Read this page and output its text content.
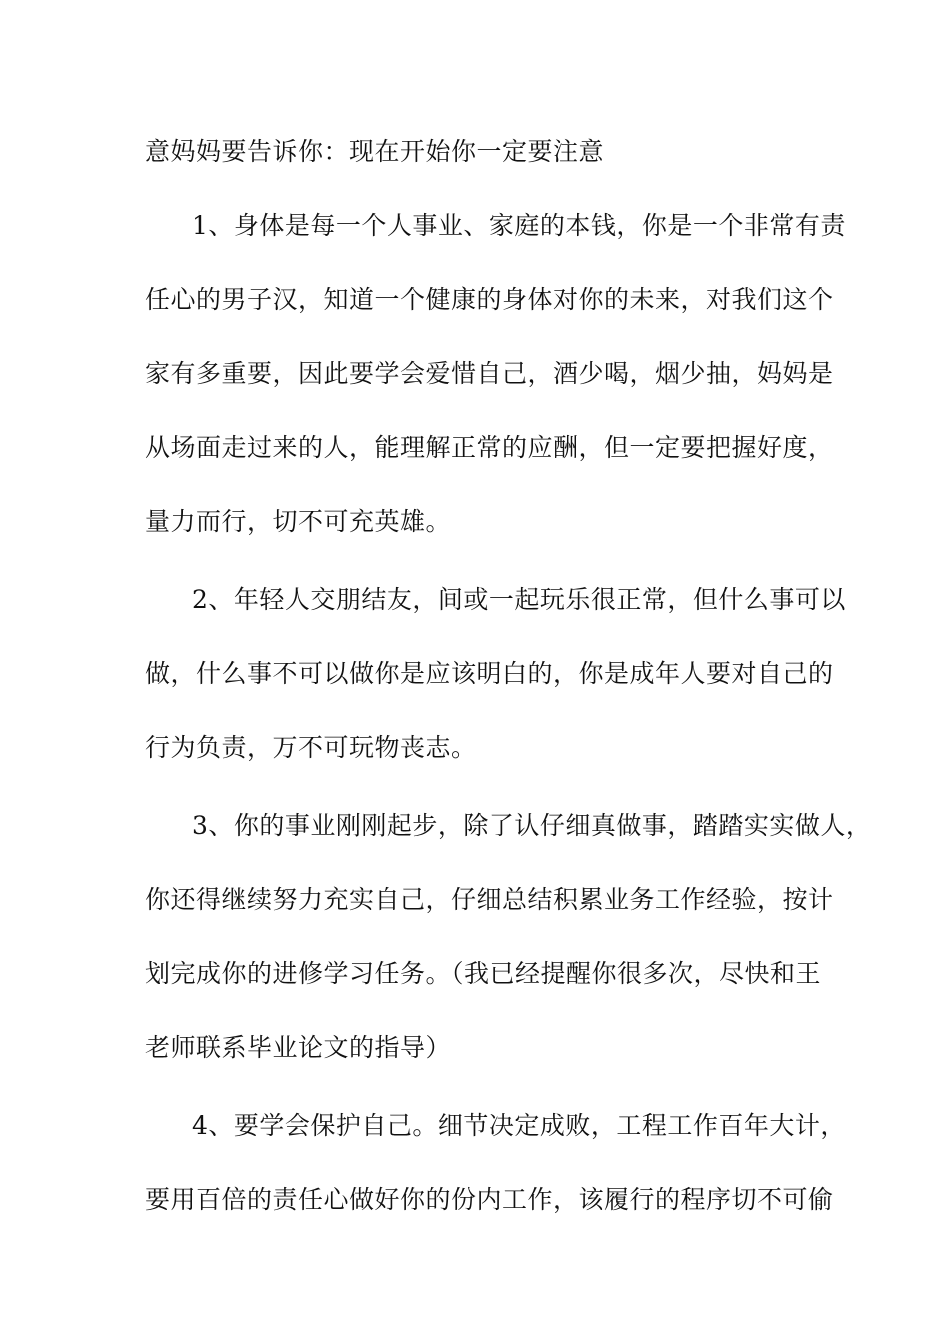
意妈妈要告诉你：现在开始你一定要注意

1、身体是每一个人事业、家庭的本钱，你是一个非常有责

任心的男子汉，知道一个健康的身体对你的未来，对我们这个

家有多重要，因此要学会爱惜自己，酒少喝，烟少抽，妈妈是

从场面走过来的人，能理解正常的应酬，但一定要把握好度，

量力而行，切不可充英雄。

2、年轻人交朋结友，间或一起玩乐很正常，但什么事可以

做，什么事不可以做你是应该明白的，你是成年人要对自己的

行为负责，万不可玩物丧志。

3、你的事业刚刚起步，除了认仔细真做事，踏踏实实做人，

你还得继续努力充实自己，仔细总结积累业务工作经验，按计

划完成你的进修学习任务。（我已经提醒你很多次，尽快和王

老师联系毕业论文的指导）

4、要学会保护自己。细节决定成败，工程工作百年大计，

要用百倍的责任心做好你的份内工作，该履行的程序切不可偷
